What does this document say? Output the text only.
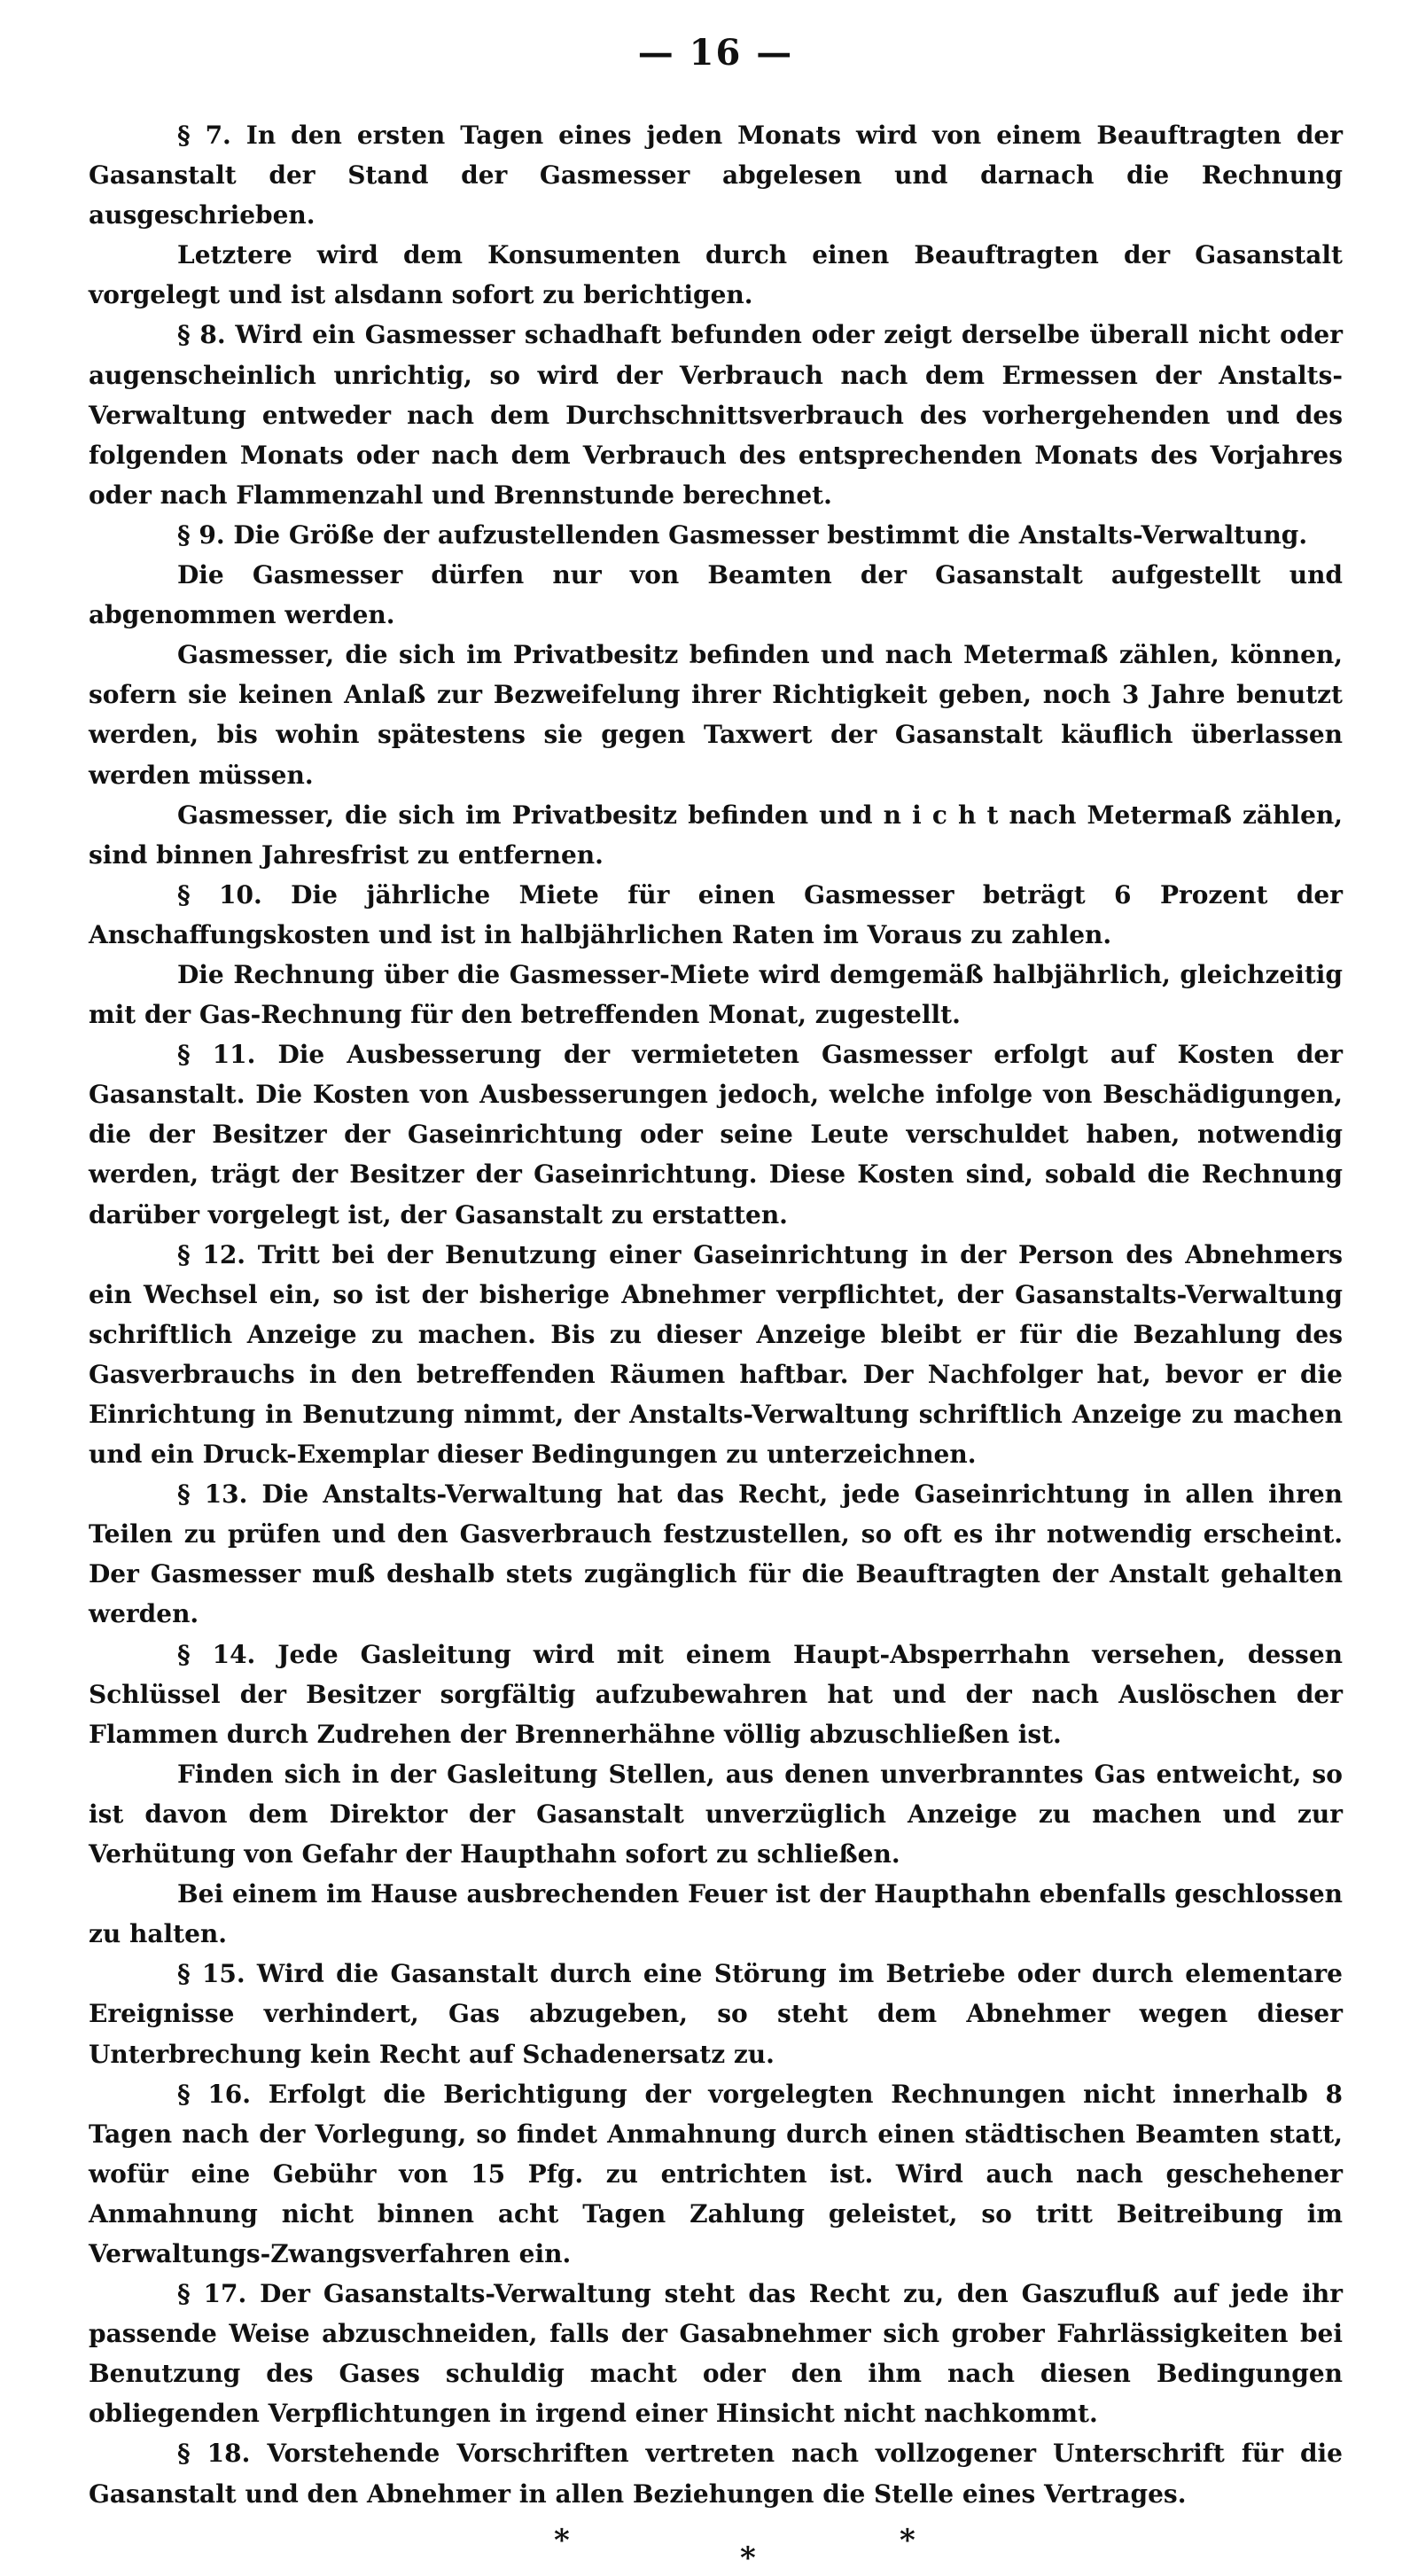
— 16 —

§ 7. In den ersten Tagen eines jeden Monats wird von einem Beauftragten der Gasanstalt der Stand der Gasmesser abgelesen und darnach die Rechnung ausgeschrieben.

Letztere wird dem Konsumenten durch einen Beauftragten der Gasanstalt vorgelegt und ist alsdann sofort zu berichtigen.

§ 8. Wird ein Gasmesser schadhaft befunden oder zeigt derselbe überall nicht oder augenscheinlich unrichtig, so wird der Verbrauch nach dem Ermessen der Anstalts-Verwaltung entweder nach dem Durchschnittsverbrauch des vorhergehenden und des folgenden Monats oder nach dem Verbrauch des entsprechenden Monats des Vorjahres oder nach Flammenzahl und Brennstunde berechnet.

§ 9. Die Größe der aufzustellenden Gasmesser bestimmt die Anstalts-Verwaltung.

Die Gasmesser dürfen nur von Beamten der Gasanstalt aufgestellt und abgenommen werden.

Gasmesser, die sich im Privatbesitz befinden und nach Metermaß zählen, können, sofern sie keinen Anlaß zur Bezweifelung ihrer Richtigkeit geben, noch 3 Jahre benutzt werden, bis wohin spätestens sie gegen Taxwert der Gasanstalt käuflich überlassen werden müssen.

Gasmesser, die sich im Privatbesitz befinden und n i c h t nach Metermaß zählen, sind binnen Jahresfrist zu entfernen.

§ 10. Die jährliche Miete für einen Gasmesser beträgt 6 Prozent der Anschaffungskosten und ist in halbjährlichen Raten im Voraus zu zahlen.

Die Rechnung über die Gasmesser-Miete wird demgemäß halbjährlich, gleichzeitig mit der Gas-Rechnung für den betreffenden Monat, zugestellt.

§ 11. Die Ausbesserung der vermieteten Gasmesser erfolgt auf Kosten der Gasanstalt. Die Kosten von Ausbesserungen jedoch, welche infolge von Beschädigungen, die der Besitzer der Gaseinrichtung oder seine Leute verschuldet haben, notwendig werden, trägt der Besitzer der Gaseinrichtung. Diese Kosten sind, sobald die Rechnung darüber vorgelegt ist, der Gasanstalt zu erstatten.

§ 12. Tritt bei der Benutzung einer Gaseinrichtung in der Person des Abnehmers ein Wechsel ein, so ist der bisherige Abnehmer verpflichtet, der Gasanstalts-Verwaltung schriftlich Anzeige zu machen. Bis zu dieser Anzeige bleibt er für die Bezahlung des Gasverbrauchs in den betreffenden Räumen haftbar. Der Nachfolger hat, bevor er die Einrichtung in Benutzung nimmt, der Anstalts-Verwaltung schriftlich Anzeige zu machen und ein Druck-Exemplar dieser Bedingungen zu unterzeichnen.

§ 13. Die Anstalts-Verwaltung hat das Recht, jede Gaseinrichtung in allen ihren Teilen zu prüfen und den Gasverbrauch festzustellen, so oft es ihr notwendig erscheint. Der Gasmesser muß deshalb stets zugänglich für die Beauftragten der Anstalt gehalten werden.

§ 14. Jede Gasleitung wird mit einem Haupt-Absperrhahn versehen, dessen Schlüssel der Besitzer sorgfältig aufzubewahren hat und der nach Auslöschen der Flammen durch Zudrehen der Brennerhähne völlig abzuschließen ist.

Finden sich in der Gasleitung Stellen, aus denen unverbranntes Gas entweicht, so ist davon dem Direktor der Gasanstalt unverzüglich Anzeige zu machen und zur Verhütung von Gefahr der Haupthahn sofort zu schließen.

Bei einem im Hause ausbrechenden Feuer ist der Haupthahn ebenfalls geschlossen zu halten.

§ 15. Wird die Gasanstalt durch eine Störung im Betriebe oder durch elementare Ereignisse verhindert, Gas abzugeben, so steht dem Abnehmer wegen dieser Unterbrechung kein Recht auf Schadenersatz zu.

§ 16. Erfolgt die Berichtigung der vorgelegten Rechnungen nicht innerhalb 8 Tagen nach der Vorlegung, so findet Anmahnung durch einen städtischen Beamten statt, wofür eine Gebühr von 15 Pfg. zu entrichten ist. Wird auch nach geschehener Anmahnung nicht binnen acht Tagen Zahlung geleistet, so tritt Beitreibung im Verwaltungs-Zwangsverfahren ein.

§ 17. Der Gasanstalts-Verwaltung steht das Recht zu, den Gaszufluß auf jede ihr passende Weise abzuschneiden, falls der Gasabnehmer sich grober Fahrlässigkeiten bei Benutzung des Gases schuldig macht oder den ihm nach diesen Bedingungen obliegenden Verpflichtungen in irgend einer Hinsicht nicht nachkommt.

§ 18. Vorstehende Vorschriften vertreten nach vollzogener Unterschrift für die Gasanstalt und den Abnehmer in allen Beziehungen die Stelle eines Vertrages.

*	*	*
